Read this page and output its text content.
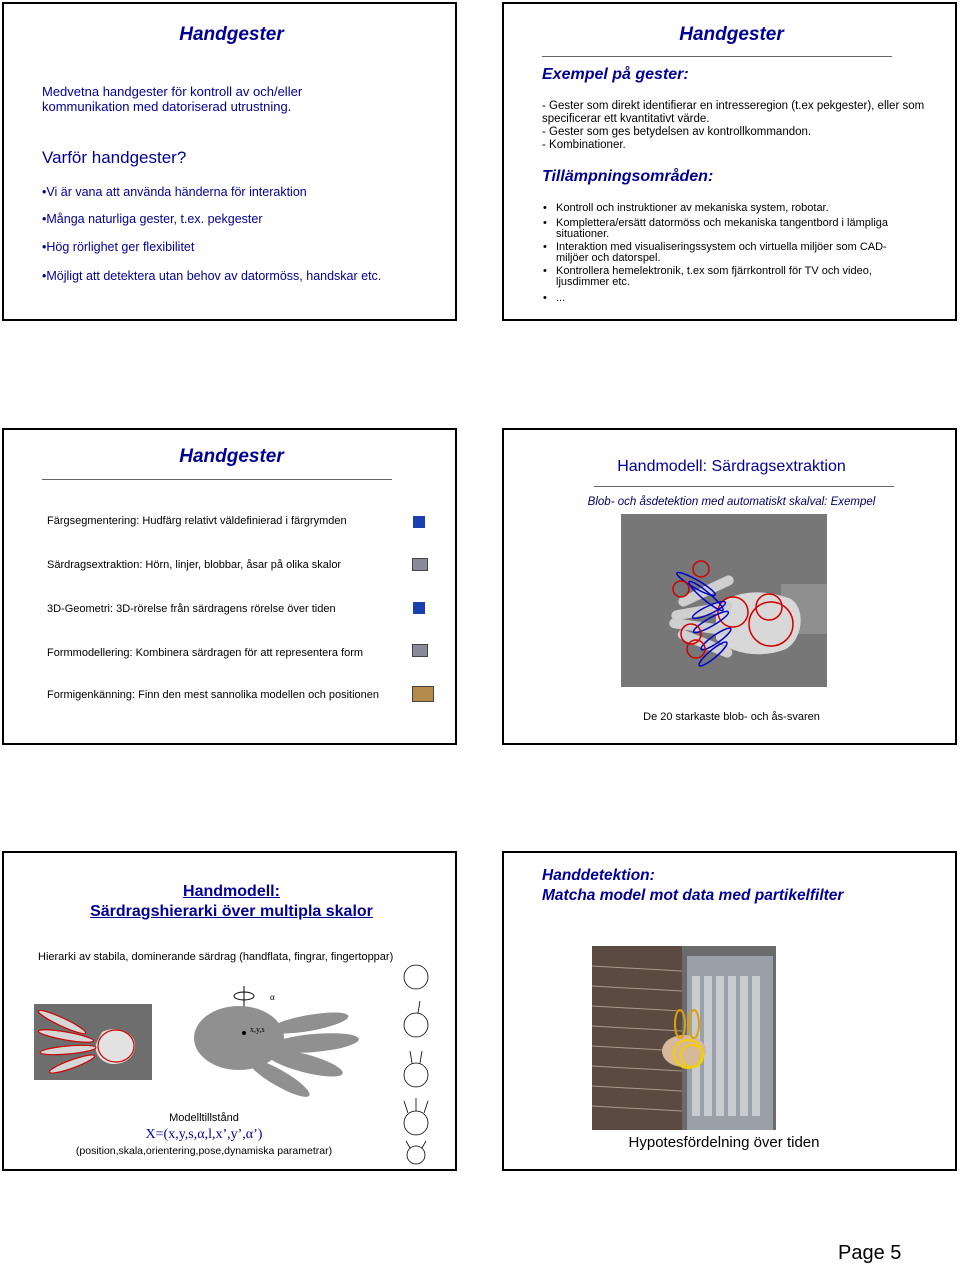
Handgester
Medvetna handgester för kontroll av och/eller kommunikation med datoriserad utrustning.
Varför handgester?
•Vi är vana att använda händerna för interaktion
•Många naturliga gester, t.ex. pekgester
•Hög rörlighet ger flexibilitet
•Möjligt att detektera utan behov av datormöss, handskar etc.
Handgester
Exempel på gester:
- Gester som direkt identifierar en intresseregion (t.ex pekgester), eller som specificerar ett kvantitativt värde.
- Gester som ges betydelsen av kontrollkommandon.
- Kombinationer.
Tillämpningsområden:
• Kontroll och instruktioner av mekaniska system, robotar.
• Komplettera/ersätt datormöss och mekaniska tangentbord i lämpliga situationer.
• Interaktion med visualiseringssystem och virtuella miljöer som CAD-miljöer och datorspel.
• Kontrollera hemelektronik, t.ex som fjärrkontroll för TV och video, ljusdimmer etc.
• ...
Handgester
Färgsegmentering: Hudfärg relativt väldefinierad i färgrymden
Särdragsextraktion: Hörn, linjer, blobbar, åsar på olika skalor
3D-Geometri: 3D-rörelse från särdragens rörelse över tiden
Formmodellering: Kombinera särdragen för att representera form
Formigenkänning: Finn den mest sannolika modellen och positionen
Handmodell: Särdragsextraktion
Blob- och åsdetektion med automatiskt skalval: Exempel
De 20 starkaste blob- och ås-svaren
Handmodell:
Särdragshierarki över multipla skalor
Hierarki av stabila, dominerande särdrag (handflata, fingrar, fingertoppar)
α
x,y,s
Modelltillstånd
X=(x,y,s,α,l,x’,y’,α’)
(position,skala,orientering,pose,dynamiska parametrar)
Handdetektion:
Matcha model mot data med partikelfilter
Hypotesfördelning över tiden
Page 5
